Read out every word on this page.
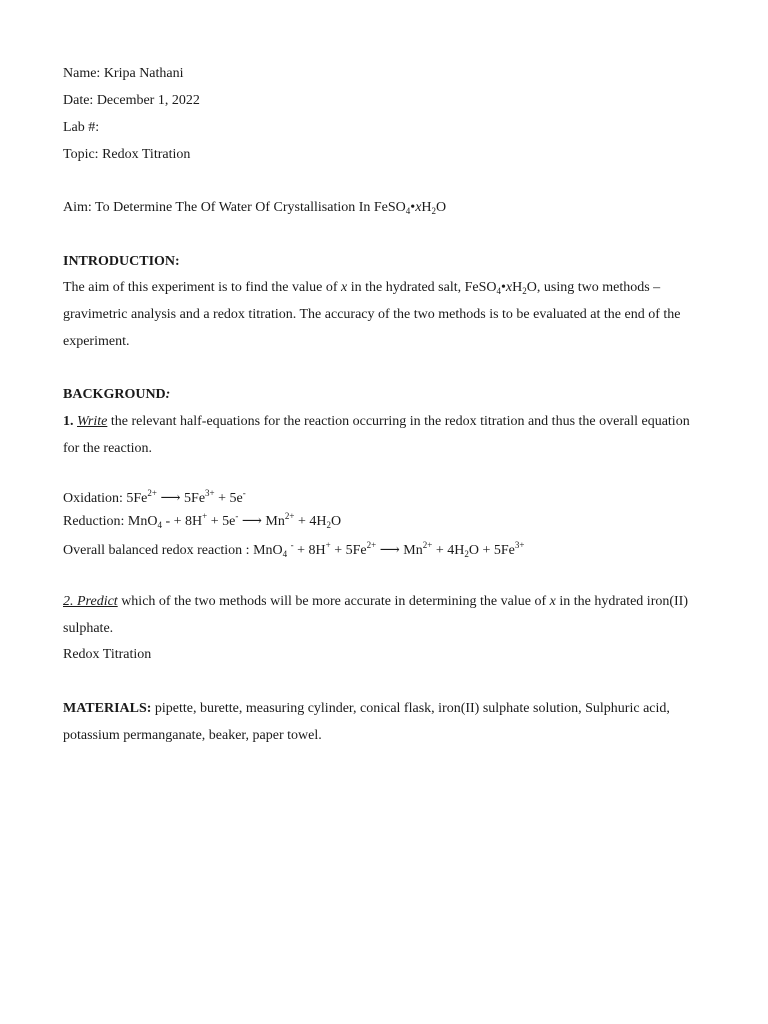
Name: Kripa Nathani
Date: December 1, 2022
Lab #:
Topic: Redox Titration
Aim: To Determine The Of Water Of Crystallisation In $FeSO_4•xH_2O$
INTRODUCTION:
The aim of this experiment is to find the value of x in the hydrated salt, $FeSO_4•xH_2O$, using two methods – gravimetric analysis and a redox titration. The accuracy of the two methods is to be evaluated at the end of the experiment.
BACKGROUND:
1. Write the relevant half-equations for the reaction occurring in the redox titration and thus the overall equation for the reaction.
Oxidation: $5Fe^{2+}$ ⟶ $5Fe^{3+} + 5e^-$
Reduction: MnO$_4$ - + 8H+ + 5e- ⟶ $Mn^{2+} + 4H_2O$
Overall balanced redox reaction : MnO$_4$ $^- + 8H^+ + 5Fe^{2+}$ ⟶ $Mn^{2+} + 4H_2O + 5Fe^{3+}$
2. Predict which of the two methods will be more accurate in determining the value of x in the hydrated iron(II) sulphate.
Redox Titration
MATERIALS: pipette, burette, measuring cylinder, conical flask, iron(II) sulphate solution, Sulphuric acid, potassium permanganate, beaker, paper towel.
